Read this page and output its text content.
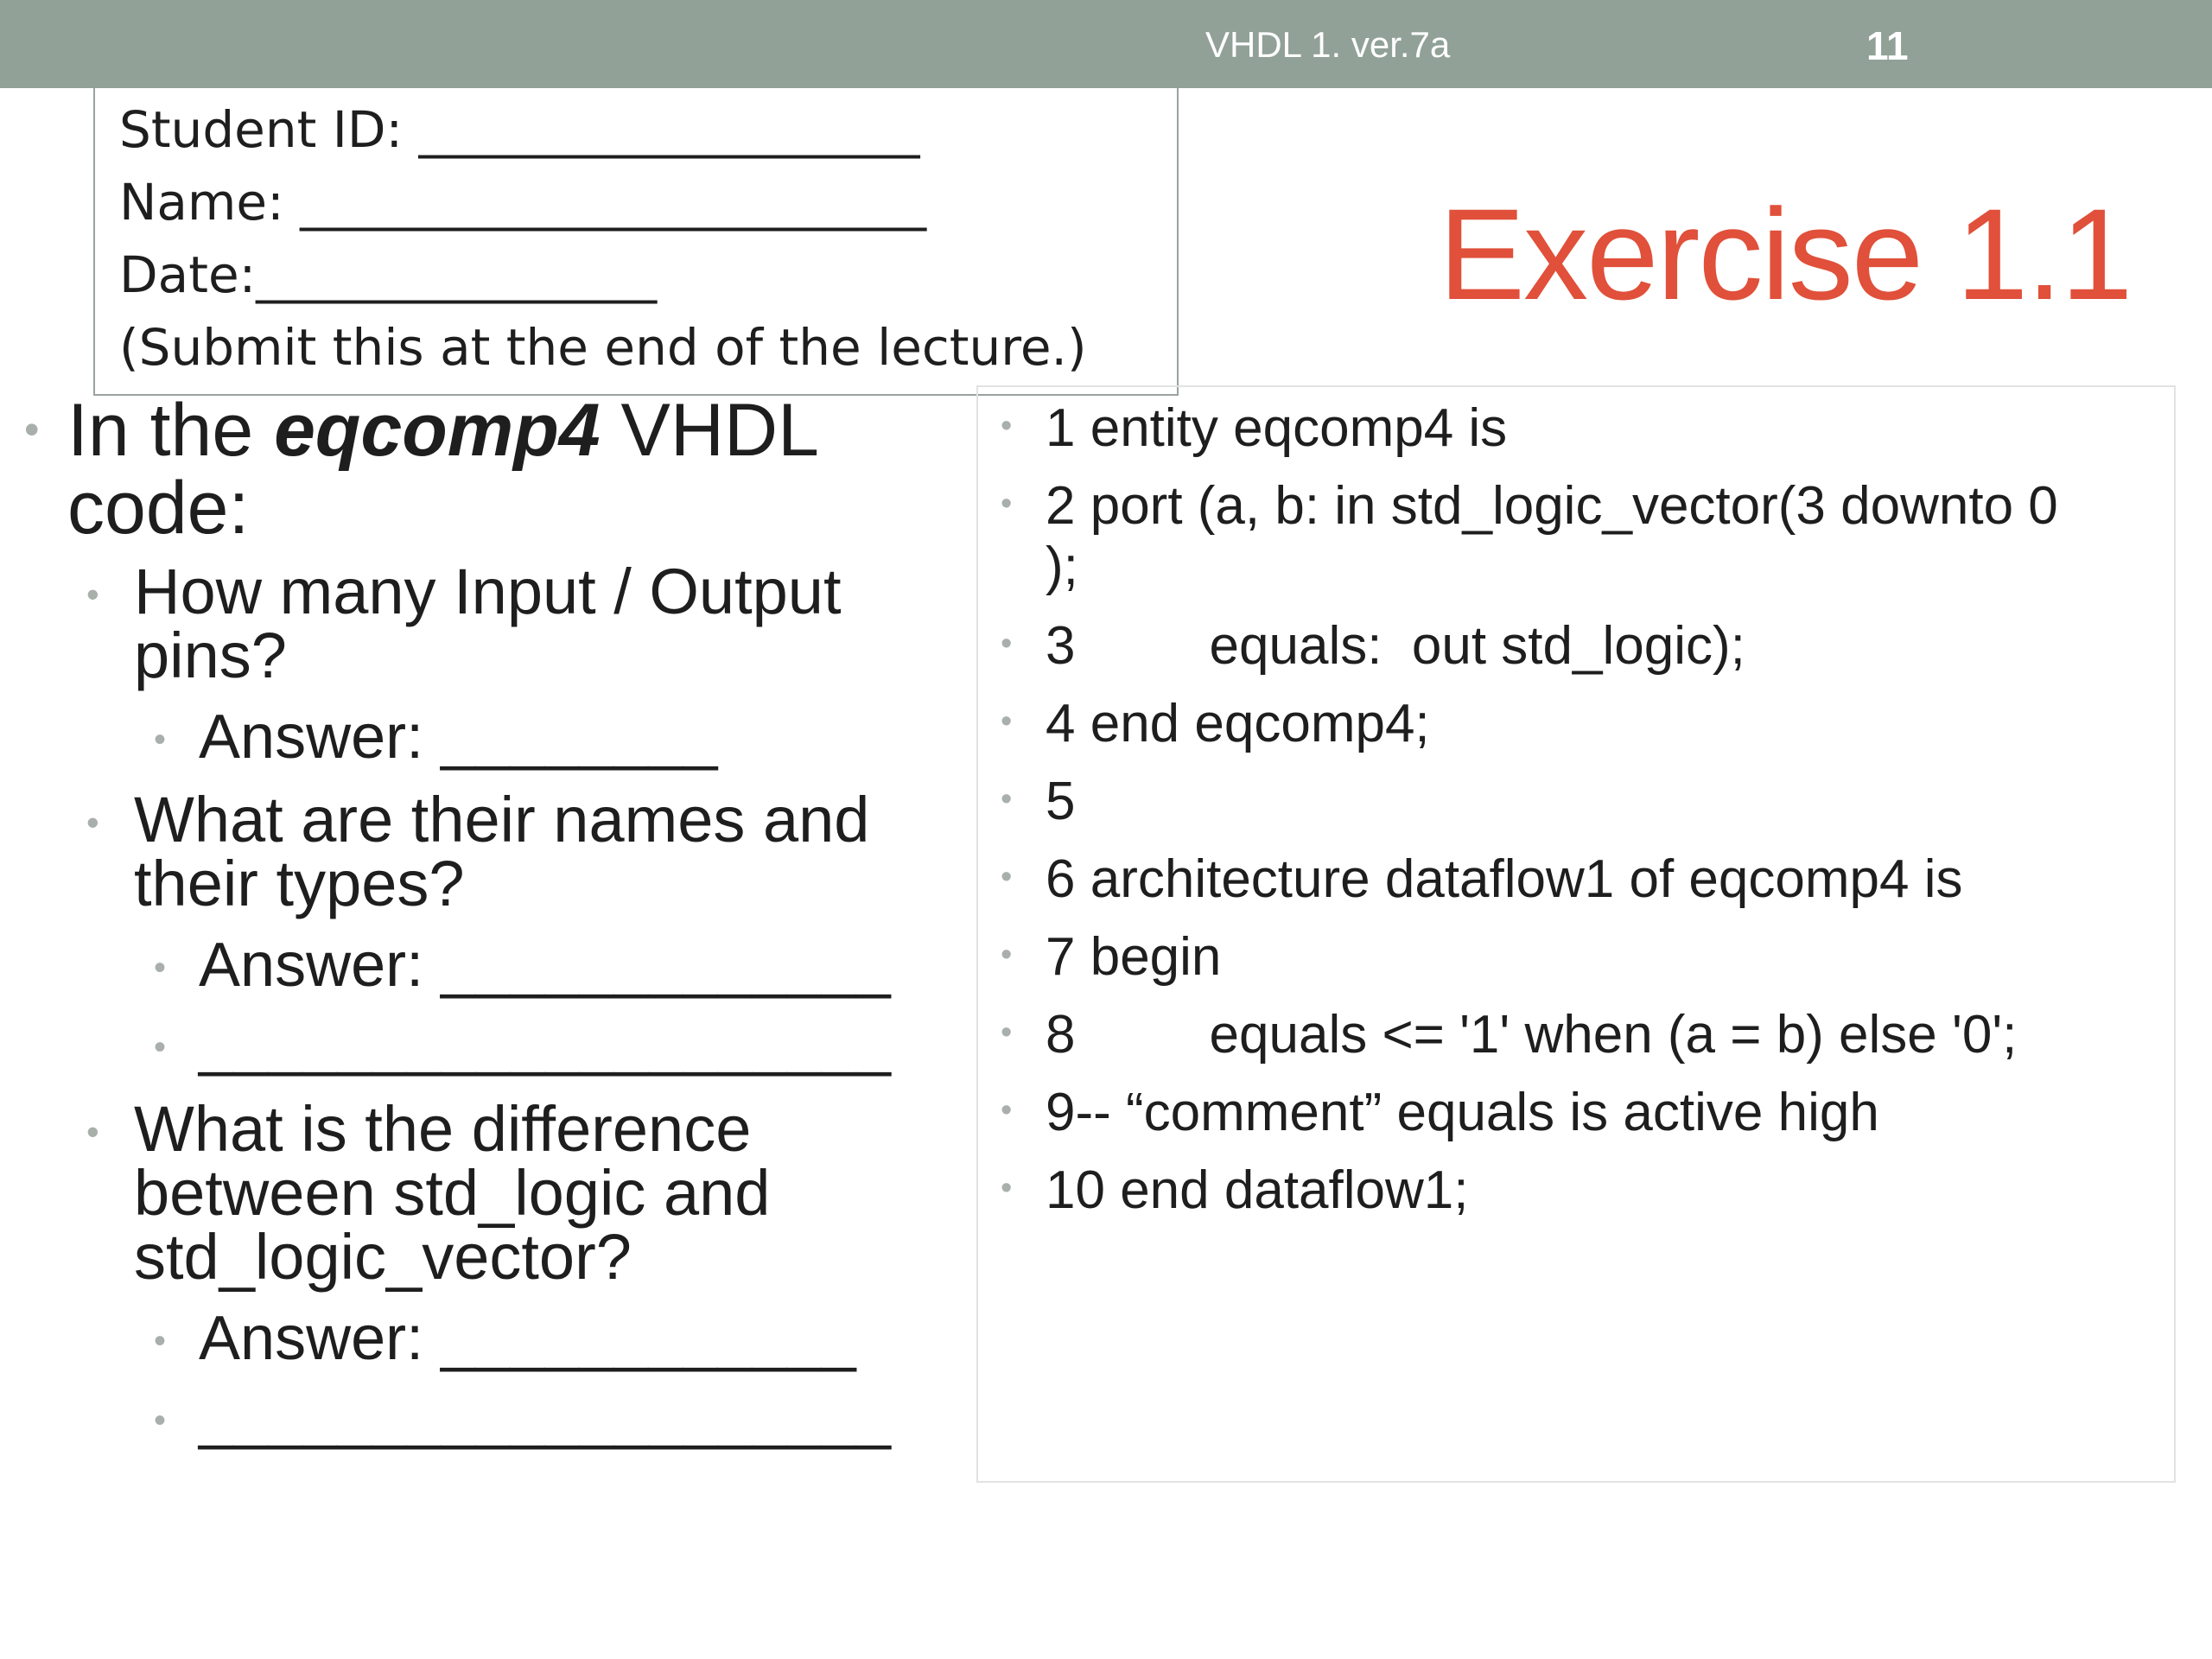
VHDL 1. ver.7a	11
Student ID: ____________________
Name: _________________________
Date:________________
(Submit this at the end of the lecture.)
Exercise 1.1
• In the eqcomp4 VHDL
code:
• How many Input / Output
pins?
• Answer: ________
• What are their names and
their types?
• Answer: _____________
• ____________________
• What is the difference
between std_logic and
std_logic_vector?
• Answer: ____________
• ____________________
• 1 entity eqcomp4 is
• 2 port (a, b: in std_logic_vector(3 downto 0
);
• 3         equals:  out std_logic);
• 4 end eqcomp4;
• 5
• 6 architecture dataflow1 of eqcomp4 is
• 7 begin
• 8         equals <= '1' when (a = b) else '0';
• 9-- “comment” equals is active high
• 10 end dataflow1;
